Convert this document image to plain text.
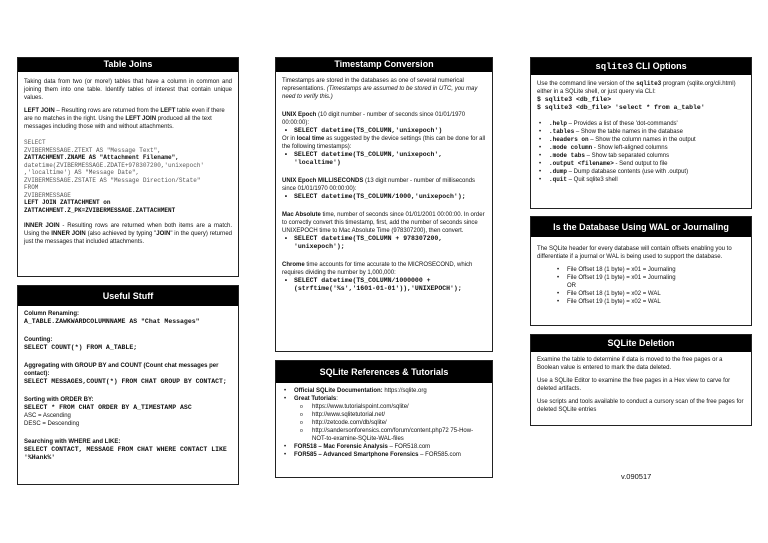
Table Joins
Taking data from two (or more!) tables that have a column in common and joining them into one table. Identify tables of interest that contain unique values.
LEFT JOIN – Resulting rows are returned from the LEFT table even if there are no matches in the right. Using the LEFT JOIN produced all the text messages including those with and without attachments.
SELECT
ZVIBERMESSAGE.ZTEXT AS "Message Text",
ZATTACHMENT.ZNAME AS "Attachment Filename",
datetime(ZVIBERMESSAGE.ZDATE+978307200,'unixepoch'
,'localtime') AS "Message Date",
ZVIBERMESSAGE.ZSTATE AS "Message Direction/State"
FROM
ZVIBERMESSAGE
LEFT JOIN ZATTACHMENT on
ZATTACHMENT.Z_PK=ZVIBERMESSAGE.ZATTACHMENT
INNER JOIN - Resulting rows are returned when both items are a match. Using the INNER JOIN (also achieved by typing "JOIN" in the query) returned just the messages that included attachments.
Useful Stuff
Column Renaming:
A_TABLE.ZAWKWARDCOLUMNNAME AS "Chat Messages"
Counting:
SELECT COUNT(*) FROM A_TABLE;
Aggregating with GROUP BY and COUNT (Count chat messages per contact):
SELECT MESSAGES,COUNT(*) FROM CHAT GROUP BY CONTACT;
Sorting with ORDER BY:
SELECT * FROM CHAT ORDER BY A_TIMESTAMP ASC
ASC = Ascending
DESC = Descending
Searching with WHERE and LIKE:
SELECT CONTACT, MESSAGE FROM CHAT WHERE CONTACT LIKE '%Hank%'
Timestamp Conversion
Timestamps are stored in the databases as one of several numerical representations. (Timestamps are assumed to be stored in UTC, you may need to verify this.)
UNIX Epoch (10 digit number - number of seconds since 01/01/1970 00:00:00):
• SELECT datetime(TS_COLUMN,'unixepoch')
Or in local time as suggested by the device settings (this can be done for all the following timestamps):
• SELECT datetime(TS_COLUMN,'unixepoch', 'localtime')
UNIX Epoch MILLISECONDS (13 digit number - number of milliseconds since 01/01/1970 00:00:00):
• SELECT datetime(TS_COLUMN/1000,'unixepoch');
Mac Absolute time, number of seconds since 01/01/2001 00:00:00. In order to correctly convert this timestamp, first, add the number of seconds since UNIXEPOCH time to Mac Absolute Time (978307200), then convert.
• SELECT datetime(TS_COLUMN + 978307200, 'unixepoch');
Chrome time accounts for time accurate to the MICROSECOND, which requires dividing the number by 1,000,000:
• SELECT datetime(TS_COLUMN/1000000 + (strftime('%s','1601-01-01')),'UNIXEPOCH');
SQLite References & Tutorials
• Official SQLite Documentation: https://sqlite.org
• Great Tutorials:
o https://www.tutorialspoint.com/sqlite/
o http://www.sqlitetutorial.net/
o http://zetcode.com/db/sqlite/
o http://sandersonforensics.com/forum/content.php72 75-How-NOT-to-examine-SQLite-WAL-files
• FOR518 – Mac Forensic Analysis – FOR518.com
• FOR585 – Advanced Smartphone Forensics – FOR585.com
sqlite3 CLI Options
Use the command line version of the sqlite3 program (sqlite.org/cli.html) either in a SQLite shell, or just query via CLI:
$ sqlite3 <db_file>
$ sqlite3 <db_file> 'select * from a_table'
• .help – Provides a list of these 'dot-commands'
• .tables – Show the table names in the database
• .headers on – Show the column names in the output
• .mode column - Show left-aligned columns
• .mode tabs – Show tab separated columns
• .output <filename> - Send output to file
• .dump – Dump database contents (use with .output)
• .quit – Quit sqlite3 shell
Is the Database Using WAL or Journaling
The SQLite header for every database will contain offsets enabling you to differentiate if a journal or WAL is being used to support the database.
• File Offset 18 (1 byte) = x01 = Journaling
• File Offset 19 (1 byte) = x01 = Journaling
OR
• File Offset 18 (1 byte) = x02 = WAL
• File Offset 19 (1 byte) = x02 = WAL
SQLite Deletion
Examine the table to determine if data is moved to the free pages or a Boolean value is entered to mark the data deleted.
Use a SQLite Editor to examine the free pages in a Hex view to carve for deleted artifacts.
Use scripts and tools available to conduct a cursory scan of the free pages for deleted SQLite entries
v.090517
